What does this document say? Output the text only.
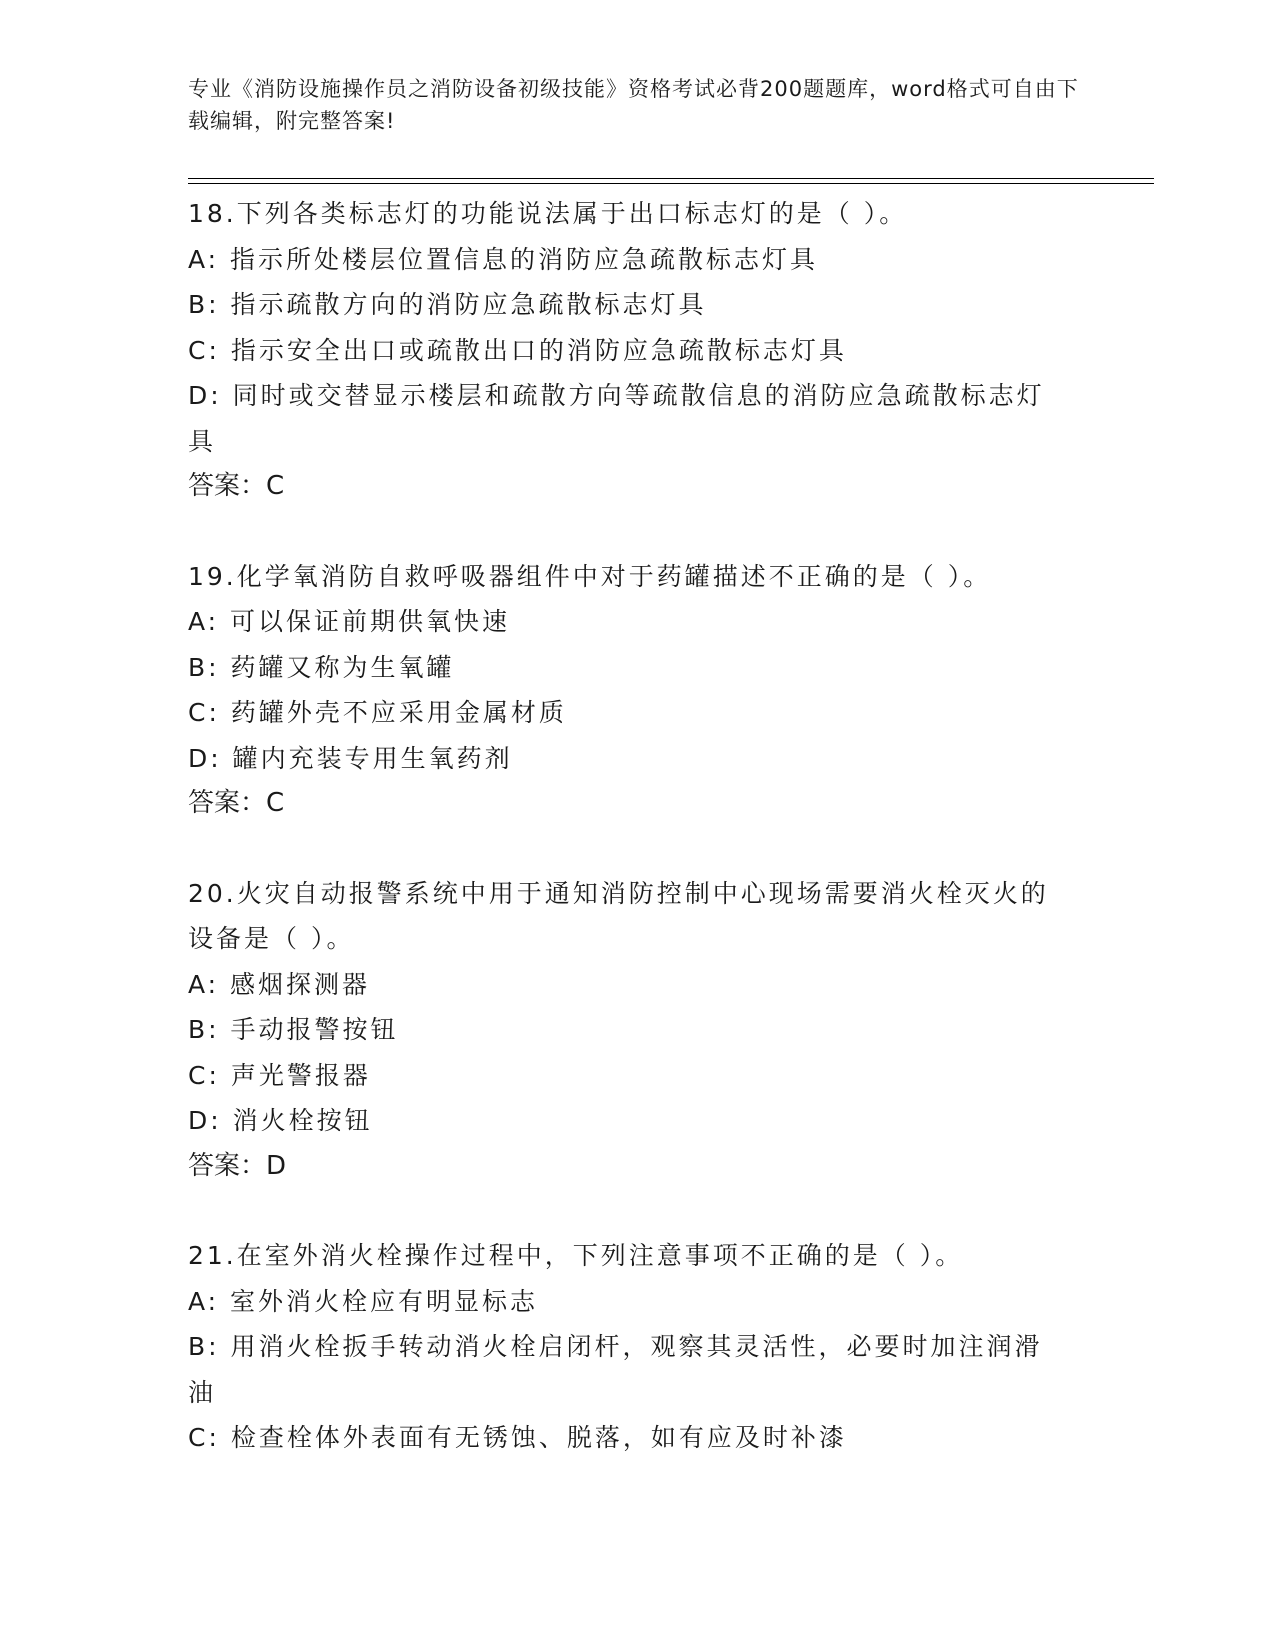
专业《消防设施操作员之消防设备初级技能》资格考试必背200题题库，word格式可自由下载编辑，附完整答案!

18.下列各类标志灯的功能说法属于出口标志灯的是（ ）。

A: 指示所处楼层位置信息的消防应急疏散标志灯具

B: 指示疏散方向的消防应急疏散标志灯具

C: 指示安全出口或疏散出口的消防应急疏散标志灯具

D: 同时或交替显示楼层和疏散方向等疏散信息的消防应急疏散标志灯

具

答案：C

19.化学氧消防自救呼吸器组件中对于药罐描述不正确的是（ ）。

A: 可以保证前期供氧快速

B: 药罐又称为生氧罐

C: 药罐外壳不应采用金属材质

D: 罐内充装专用生氧药剂

答案：C

20.火灾自动报警系统中用于通知消防控制中心现场需要消火栓灭火的

设备是（ ）。

A: 感烟探测器

B: 手动报警按钮

C: 声光警报器

D: 消火栓按钮

答案：D

21.在室外消火栓操作过程中，下列注意事项不正确的是（ ）。

A: 室外消火栓应有明显标志

B: 用消火栓扳手转动消火栓启闭杆，观察其灵活性，必要时加注润滑

油

C: 检查栓体外表面有无锈蚀、脱落，如有应及时补漆
